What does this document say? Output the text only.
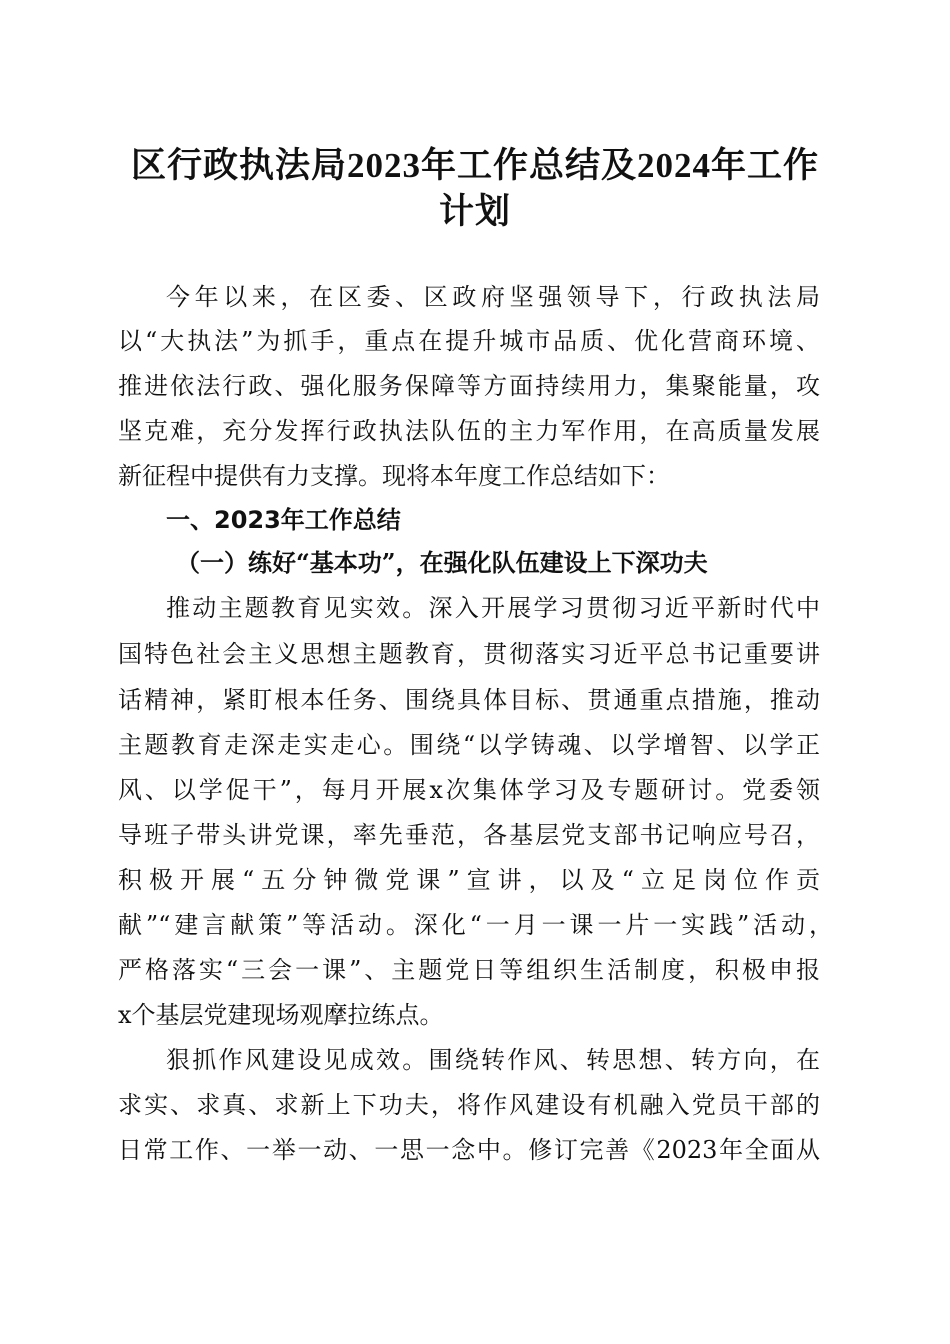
区行政执法局2023年工作总结及2024年工作
计划
今年以来，在区委、区政府坚强领导下，行政执法局
以“大执法”为抓手，重点在提升城市品质、优化营商环境、
推进依法行政、强化服务保障等方面持续用力，集聚能量，攻
坚克难，充分发挥行政执法队伍的主力军作用，在高质量发展
新征程中提供有力支撑。现将本年度工作总结如下：
一、2023年工作总结
（一）练好“基本功”，在强化队伍建设上下深功夫
推动主题教育见实效。深入开展学习贯彻习近平新时代中
国特色社会主义思想主题教育，贯彻落实习近平总书记重要讲
话精神，紧盯根本任务、围绕具体目标、贯通重点措施，推动
主题教育走深走实走心。围绕“以学铸魂、以学增智、以学正
风、以学促干”，每月开展x次集体学习及专题研讨。党委领
导班子带头讲党课，率先垂范，各基层党支部书记响应号召，
积极开展“五分钟微党课”宣讲，以及“立足岗位作贡
献”“建言献策”等活动。深化“一月一课一片一实践”活动，
严格落实“三会一课”、主题党日等组织生活制度，积极申报
x个基层党建现场观摩拉练点。
狠抓作风建设见成效。围绕转作风、转思想、转方向，在
求实、求真、求新上下功夫，将作风建设有机融入党员干部的
日常工作、一举一动、一思一念中。修订完善《2023年全面从
